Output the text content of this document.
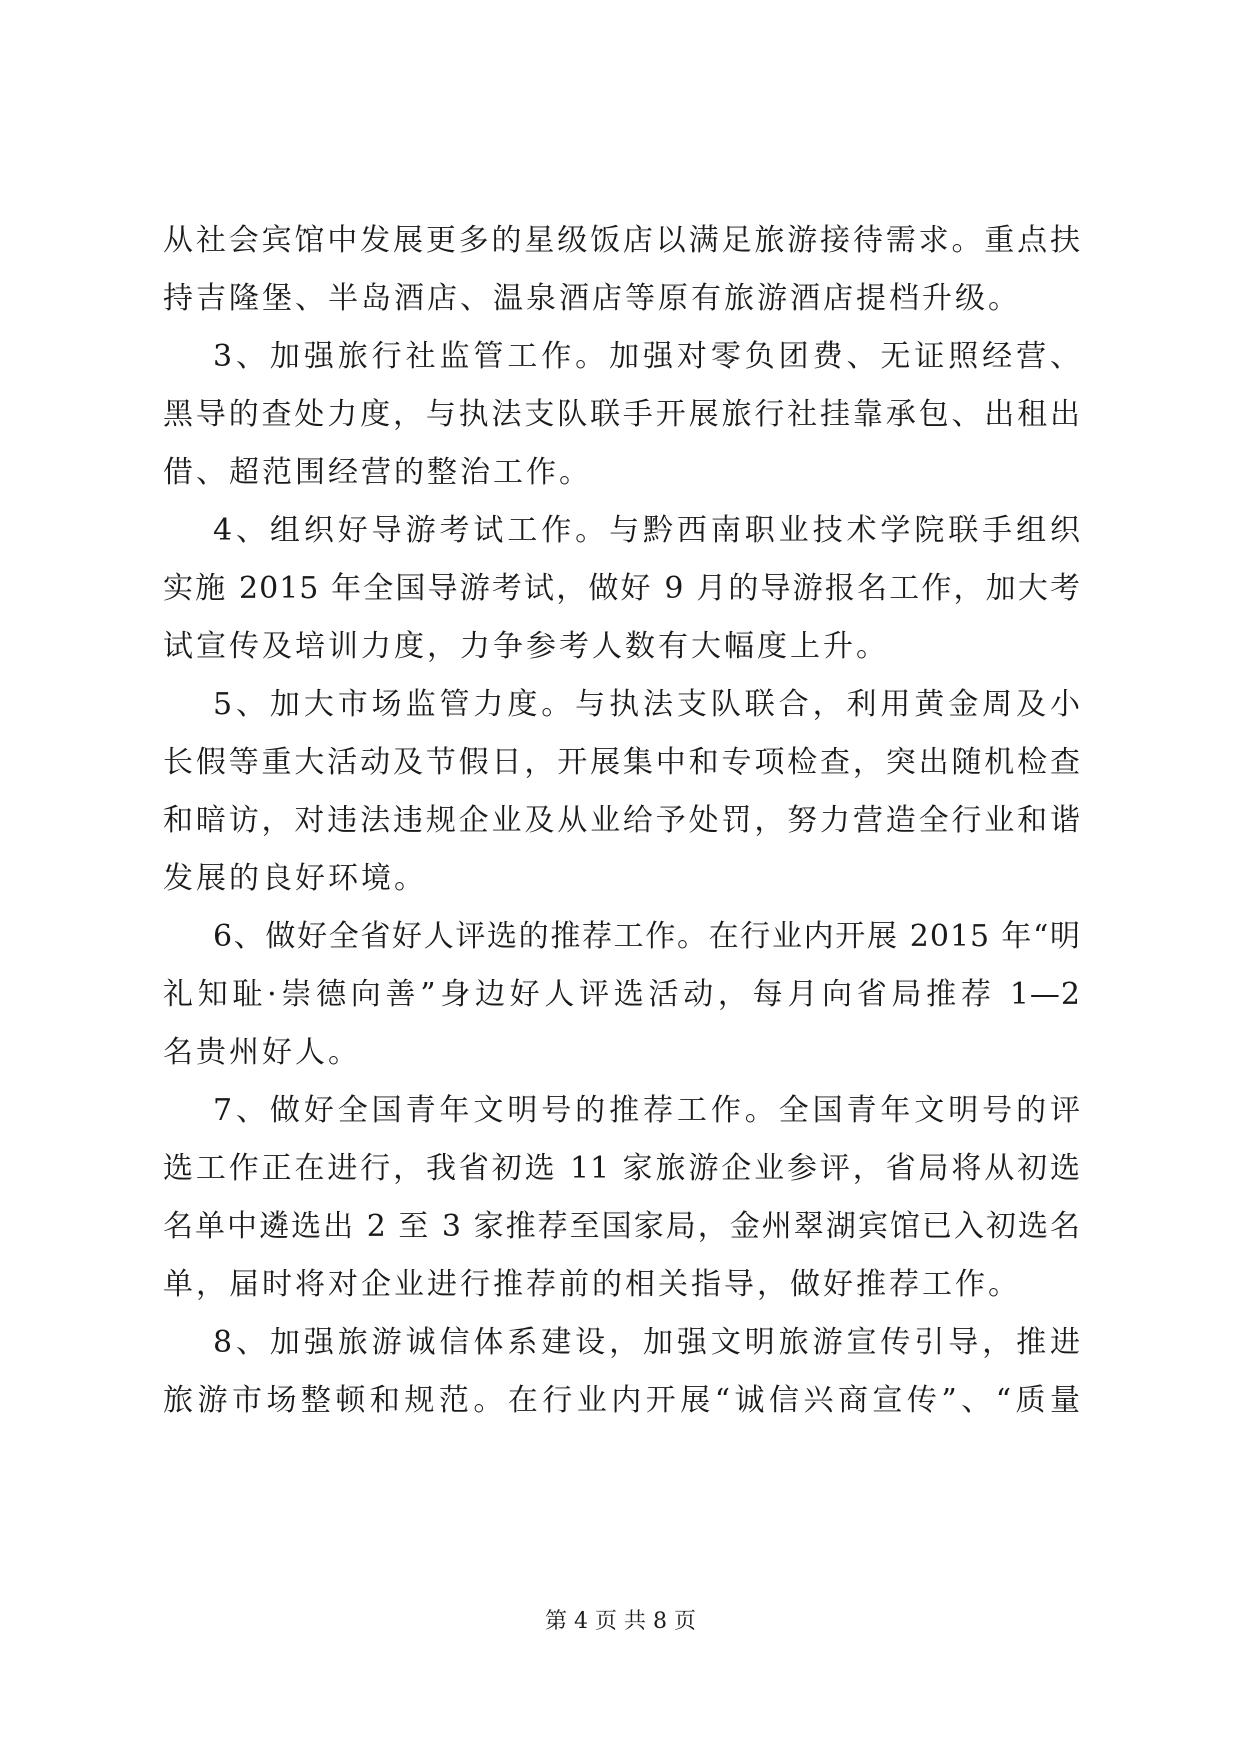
从社会宾馆中发展更多的星级饭店以满足旅游接待需求。重点扶
持吉隆堡、半岛酒店、温泉酒店等原有旅游酒店提档升级。
3、加强旅行社监管工作。加强对零负团费、无证照经营、
黑导的查处力度，与执法支队联手开展旅行社挂靠承包、出租出
借、超范围经营的整治工作。
4、组织好导游考试工作。与黔西南职业技术学院联手组织
实施 2015 年全国导游考试，做好 9 月的导游报名工作，加大考
试宣传及培训力度，力争参考人数有大幅度上升。
5、加大市场监管力度。与执法支队联合，利用黄金周及小
长假等重大活动及节假日，开展集中和专项检查，突出随机检查
和暗访，对违法违规企业及从业给予处罚，努力营造全行业和谐
发展的良好环境。
6、做好全省好人评选的推荐工作。在行业内开展 2015 年“明
礼知耻·崇德向善”身边好人评选活动，每月向省局推荐 1—2
名贵州好人。
7、做好全国青年文明号的推荐工作。全国青年文明号的评
选工作正在进行，我省初选 11 家旅游企业参评，省局将从初选
名单中遴选出 2 至 3 家推荐至国家局，金州翠湖宾馆已入初选名
单，届时将对企业进行推荐前的相关指导，做好推荐工作。
8、加强旅游诚信体系建设，加强文明旅游宣传引导，推进
旅游市场整顿和规范。在行业内开展“诚信兴商宣传”、“质量
第 4 页 共 8 页
